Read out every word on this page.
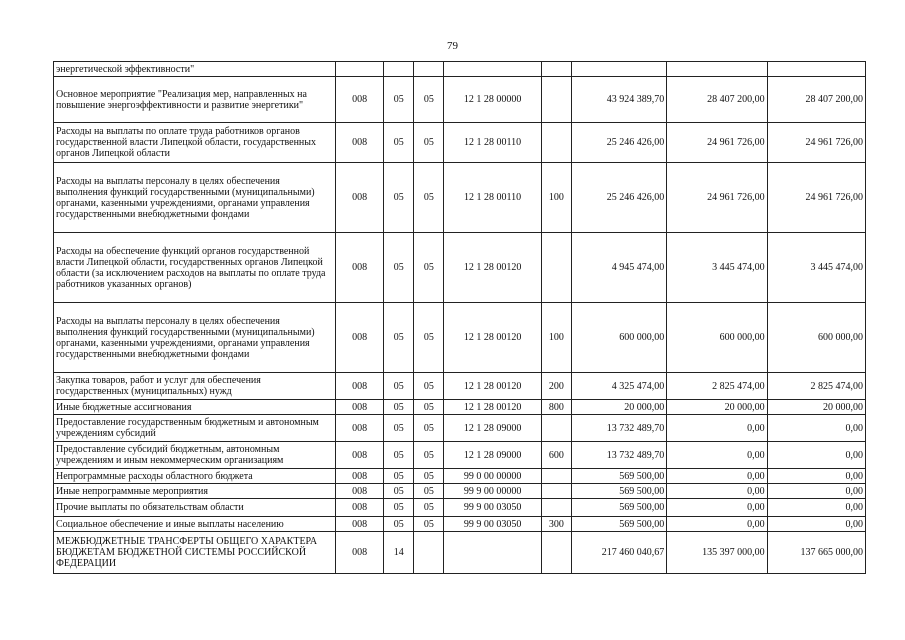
79
энергетической эффективности"								
Основное мероприятие "Реализация мер, направленных на повышение энергоэффективности и развитие энергетики"	008	05	05	12 1 28 00000		43 924 389,70	28 407 200,00	28 407 200,00
Расходы на выплаты по оплате труда работников органов государственной власти Липецкой области, государственных органов Липецкой области	008	05	05	12 1 28 00110		25 246 426,00	24 961 726,00	24 961 726,00
Расходы на выплаты персоналу в целях обеспечения выполнения функций государственными (муниципальными) органами, казенными учреждениями, органами управления государственными внебюджетными фондами	008	05	05	12 1 28 00110	100	25 246 426,00	24 961 726,00	24 961 726,00
Расходы на обеспечение функций органов государственной власти Липецкой области, государственных органов Липецкой области (за исключением расходов на выплаты по оплате труда работников указанных органов)	008	05	05	12 1 28 00120		4 945 474,00	3 445 474,00	3 445 474,00
Расходы на выплаты персоналу в целях обеспечения выполнения функций государственными (муниципальными) органами, казенными учреждениями, органами управления государственными внебюджетными фондами	008	05	05	12 1 28 00120	100	600 000,00	600 000,00	600 000,00
Закупка товаров, работ и услуг для обеспечения государственных (муниципальных) нужд	008	05	05	12 1 28 00120	200	4 325 474,00	2 825 474,00	2 825 474,00
Иные бюджетные ассигнования	008	05	05	12 1 28 00120	800	20 000,00	20 000,00	20 000,00
Предоставление государственным бюджетным и автономным учреждениям субсидий	008	05	05	12 1 28 09000		13 732 489,70	0,00	0,00
Предоставление субсидий бюджетным, автономным учреждениям и иным некоммерческим организациям	008	05	05	12 1 28 09000	600	13 732 489,70	0,00	0,00
Непрограммные расходы областного бюджета	008	05	05	99 0 00 00000		569 500,00	0,00	0,00
Иные непрограммные мероприятия	008	05	05	99 9 00 00000		569 500,00	0,00	0,00
Прочие выплаты по обязательствам области	008	05	05	99 9 00 03050		569 500,00	0,00	0,00
Социальное обеспечение и иные выплаты населению	008	05	05	99 9 00 03050	300	569 500,00	0,00	0,00
МЕЖБЮДЖЕТНЫЕ ТРАНСФЕРТЫ ОБЩЕГО ХАРАКТЕРА БЮДЖЕТАМ БЮДЖЕТНОЙ СИСТЕМЫ РОССИЙСКОЙ ФЕДЕРАЦИИ	008	14				217 460 040,67	135 397 000,00	137 665 000,00
